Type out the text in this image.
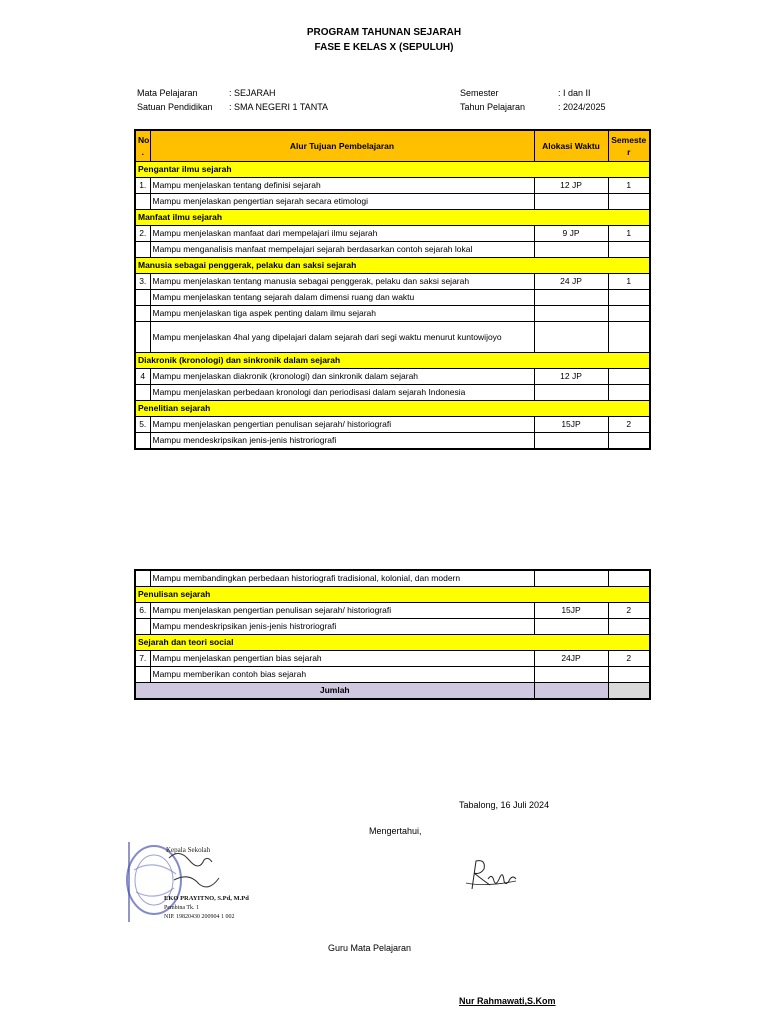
PROGRAM TAHUNAN SEJARAH
FASE E KELAS X (SEPULUH)
Mata Pelajaran	: SEJARAH
Satuan Pendidikan : SMA NEGERI 1 TANTA
Semester	: I dan II
Tahun Pelajaran	: 2024/2025
No .	Alur Tujuan Pembelajaran	Alokasi Waktu	Semeste r
Pengantar ilmu sejarah			
1.	Mampu menjelaskan tentang definisi sejarah	12 JP	1
	Mampu menjelaskan pengertian sejarah secara etimologi		
Manfaat ilmu sejarah			
2.	Mampu menjelaskan manfaat dari mempelajari ilmu sejarah	9 JP	1
	Mampu menganalisis manfaat mempelajari sejarah berdasarkan contoh sejarah lokal		
Manusia sebagai penggerak, pelaku dan saksi sejarah			
3.	Mampu menjelaskan tentang manusia sebagai penggerak, pelaku dan saksi sejarah	24 JP	1
	Mampu menjelaskan tentang sejarah dalam dimensi ruang dan waktu		
	Mampu menjelaskan tiga aspek penting dalam ilmu sejarah		
	Mampu menjelaskan 4hal yang dipelajari dalam sejarah dari segi waktu menurut kuntowijoyo		
Diakronik (kronologi) dan sinkronik dalam sejarah			
4	Mampu menjelaskan diakronik (kronologi) dan sinkronik dalam sejarah	12 JP	
	Mampu menjelaskan perbedaan kronologi dan periodisasi dalam sejarah Indonesia		
Penelitian sejarah			
5.	Mampu menjelaskan pengertian penulisan sejarah/ historiografi	15JP	2
	Mampu mendeskripsikan jenis-jenis histroriografi		
	Mampu membandingkan perbedaan historiografi tradisional, kolonial, dan modern		
Penulisan sejarah			
6.	Mampu menjelaskan pengertian penulisan sejarah/ historiografi	15JP	2
	Mampu mendeskripsikan jenis-jenis histroriografi		
Sejarah dan teori social			
7.	Mampu menjelaskan pengertian bias sejarah	24JP	2
	Mampu memberikan contoh bias sejarah		
Jumlah			
Tabalong, 16 Juli 2024
Mengertahui,
Kepala Sekolah
EKO PRAYITNO, S.Pd, M.Pd
Pembina Tk. 1
NIP. 19820430 200904 1 002
Guru Mata Pelajaran
Nur Rahmawati,S.Kom
